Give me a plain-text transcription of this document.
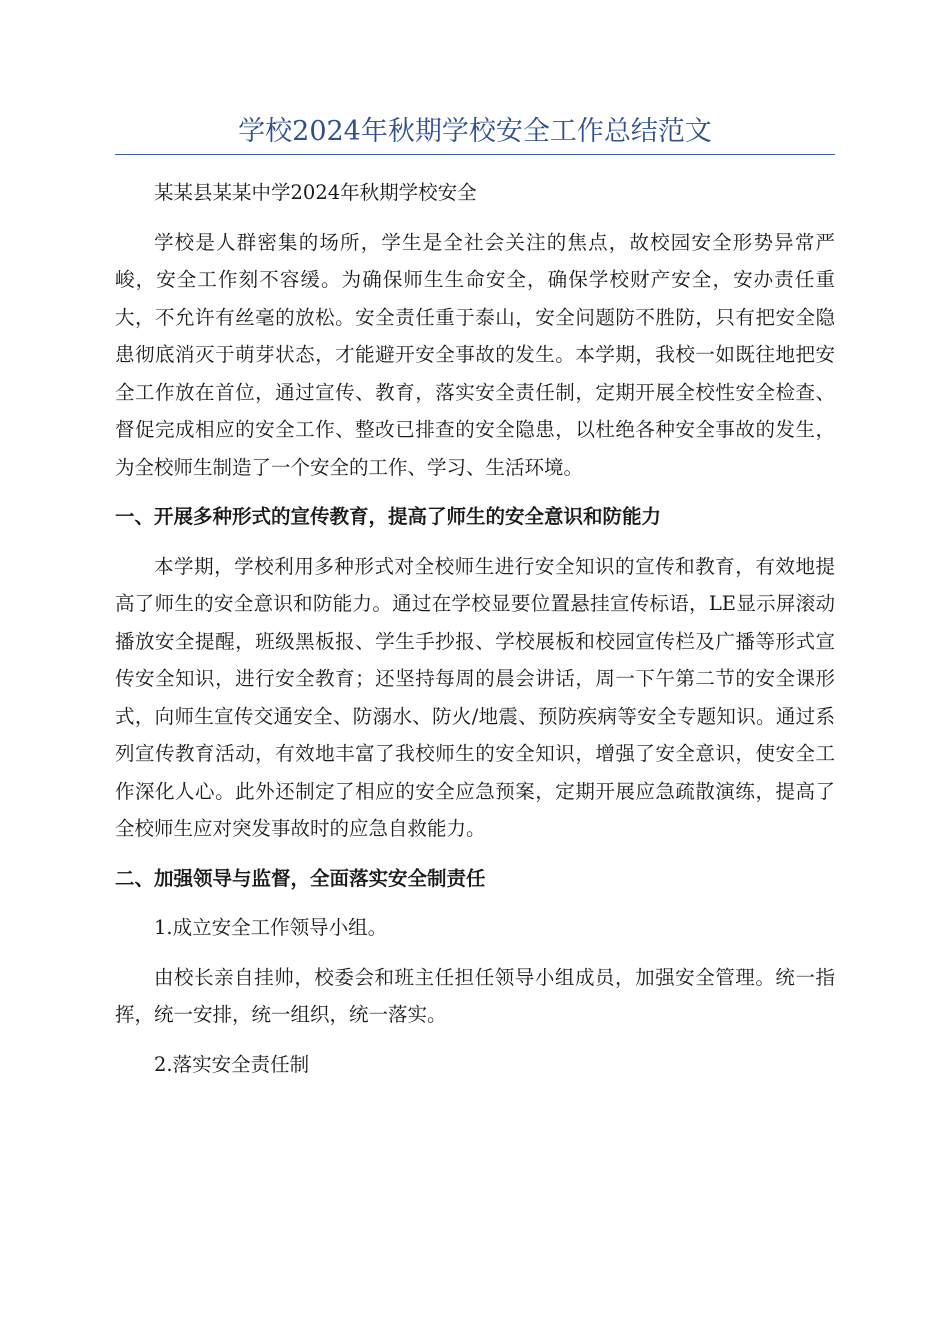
学校2024年秋期学校安全工作总结范文

某某县某某中学2024年秋期学校安全

学校是人群密集的场所，学生是全社会关注的焦点，故校园安全形势异常严峻，安全工作刻不容缓。为确保师生生命安全，确保学校财产安全，安办责任重大，不允许有丝毫的放松。安全责任重于泰山，安全问题防不胜防，只有把安全隐患彻底消灭于萌芽状态，才能避开安全事故的发生。本学期，我校一如既往地把安全工作放在首位，通过宣传、教育，落实安全责任制，定期开展全校性安全检查、督促完成相应的安全工作、整改已排查的安全隐患，以杜绝各种安全事故的发生，为全校师生制造了一个安全的工作、学习、生活环境。

一、开展多种形式的宣传教育，提高了师生的安全意识和防能力

本学期，学校利用多种形式对全校师生进行安全知识的宣传和教育，有效地提高了师生的安全意识和防能力。通过在学校显要位置悬挂宣传标语，LE显示屏滚动播放安全提醒，班级黑板报、学生手抄报、学校展板和校园宣传栏及广播等形式宣传安全知识，进行安全教育；还坚持每周的晨会讲话，周一下午第二节的安全课形式，向师生宣传交通安全、防溺水、防火/地震、预防疾病等安全专题知识。通过系列宣传教育活动，有效地丰富了我校师生的安全知识，增强了安全意识，使安全工作深化人心。此外还制定了相应的安全应急预案，定期开展应急疏散演练，提高了全校师生应对突发事故时的应急自救能力。

二、加强领导与监督，全面落实安全制责任

1.成立安全工作领导小组。

由校长亲自挂帅，校委会和班主任担任领导小组成员，加强安全管理。统一指挥，统一安排，统一组织，统一落实。

2.落实安全责任制
